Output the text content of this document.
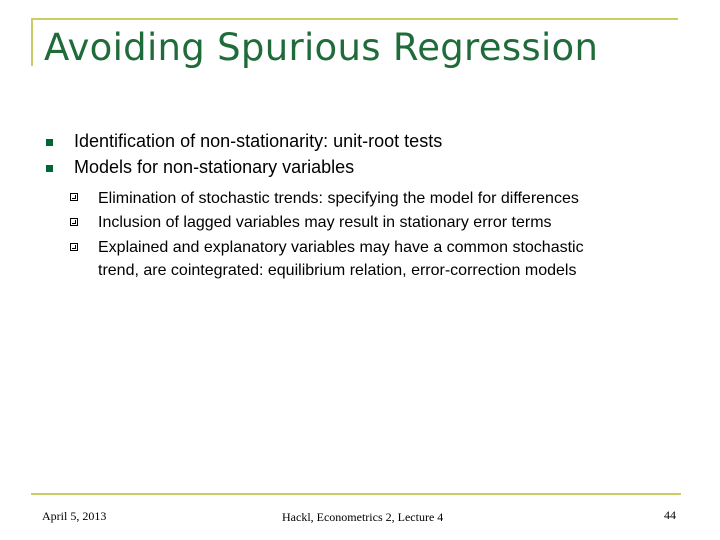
Avoiding Spurious Regression
Identification of non-stationarity: unit-root tests
Models for non-stationary variables
Elimination of stochastic trends: specifying the model for differences
Inclusion of lagged variables may result in stationary error terms
Explained and explanatory variables may have a common stochastic
trend, are cointegrated: equilibrium relation, error-correction models
April 5, 2013	Hackl, Econometrics 2, Lecture 4	44
